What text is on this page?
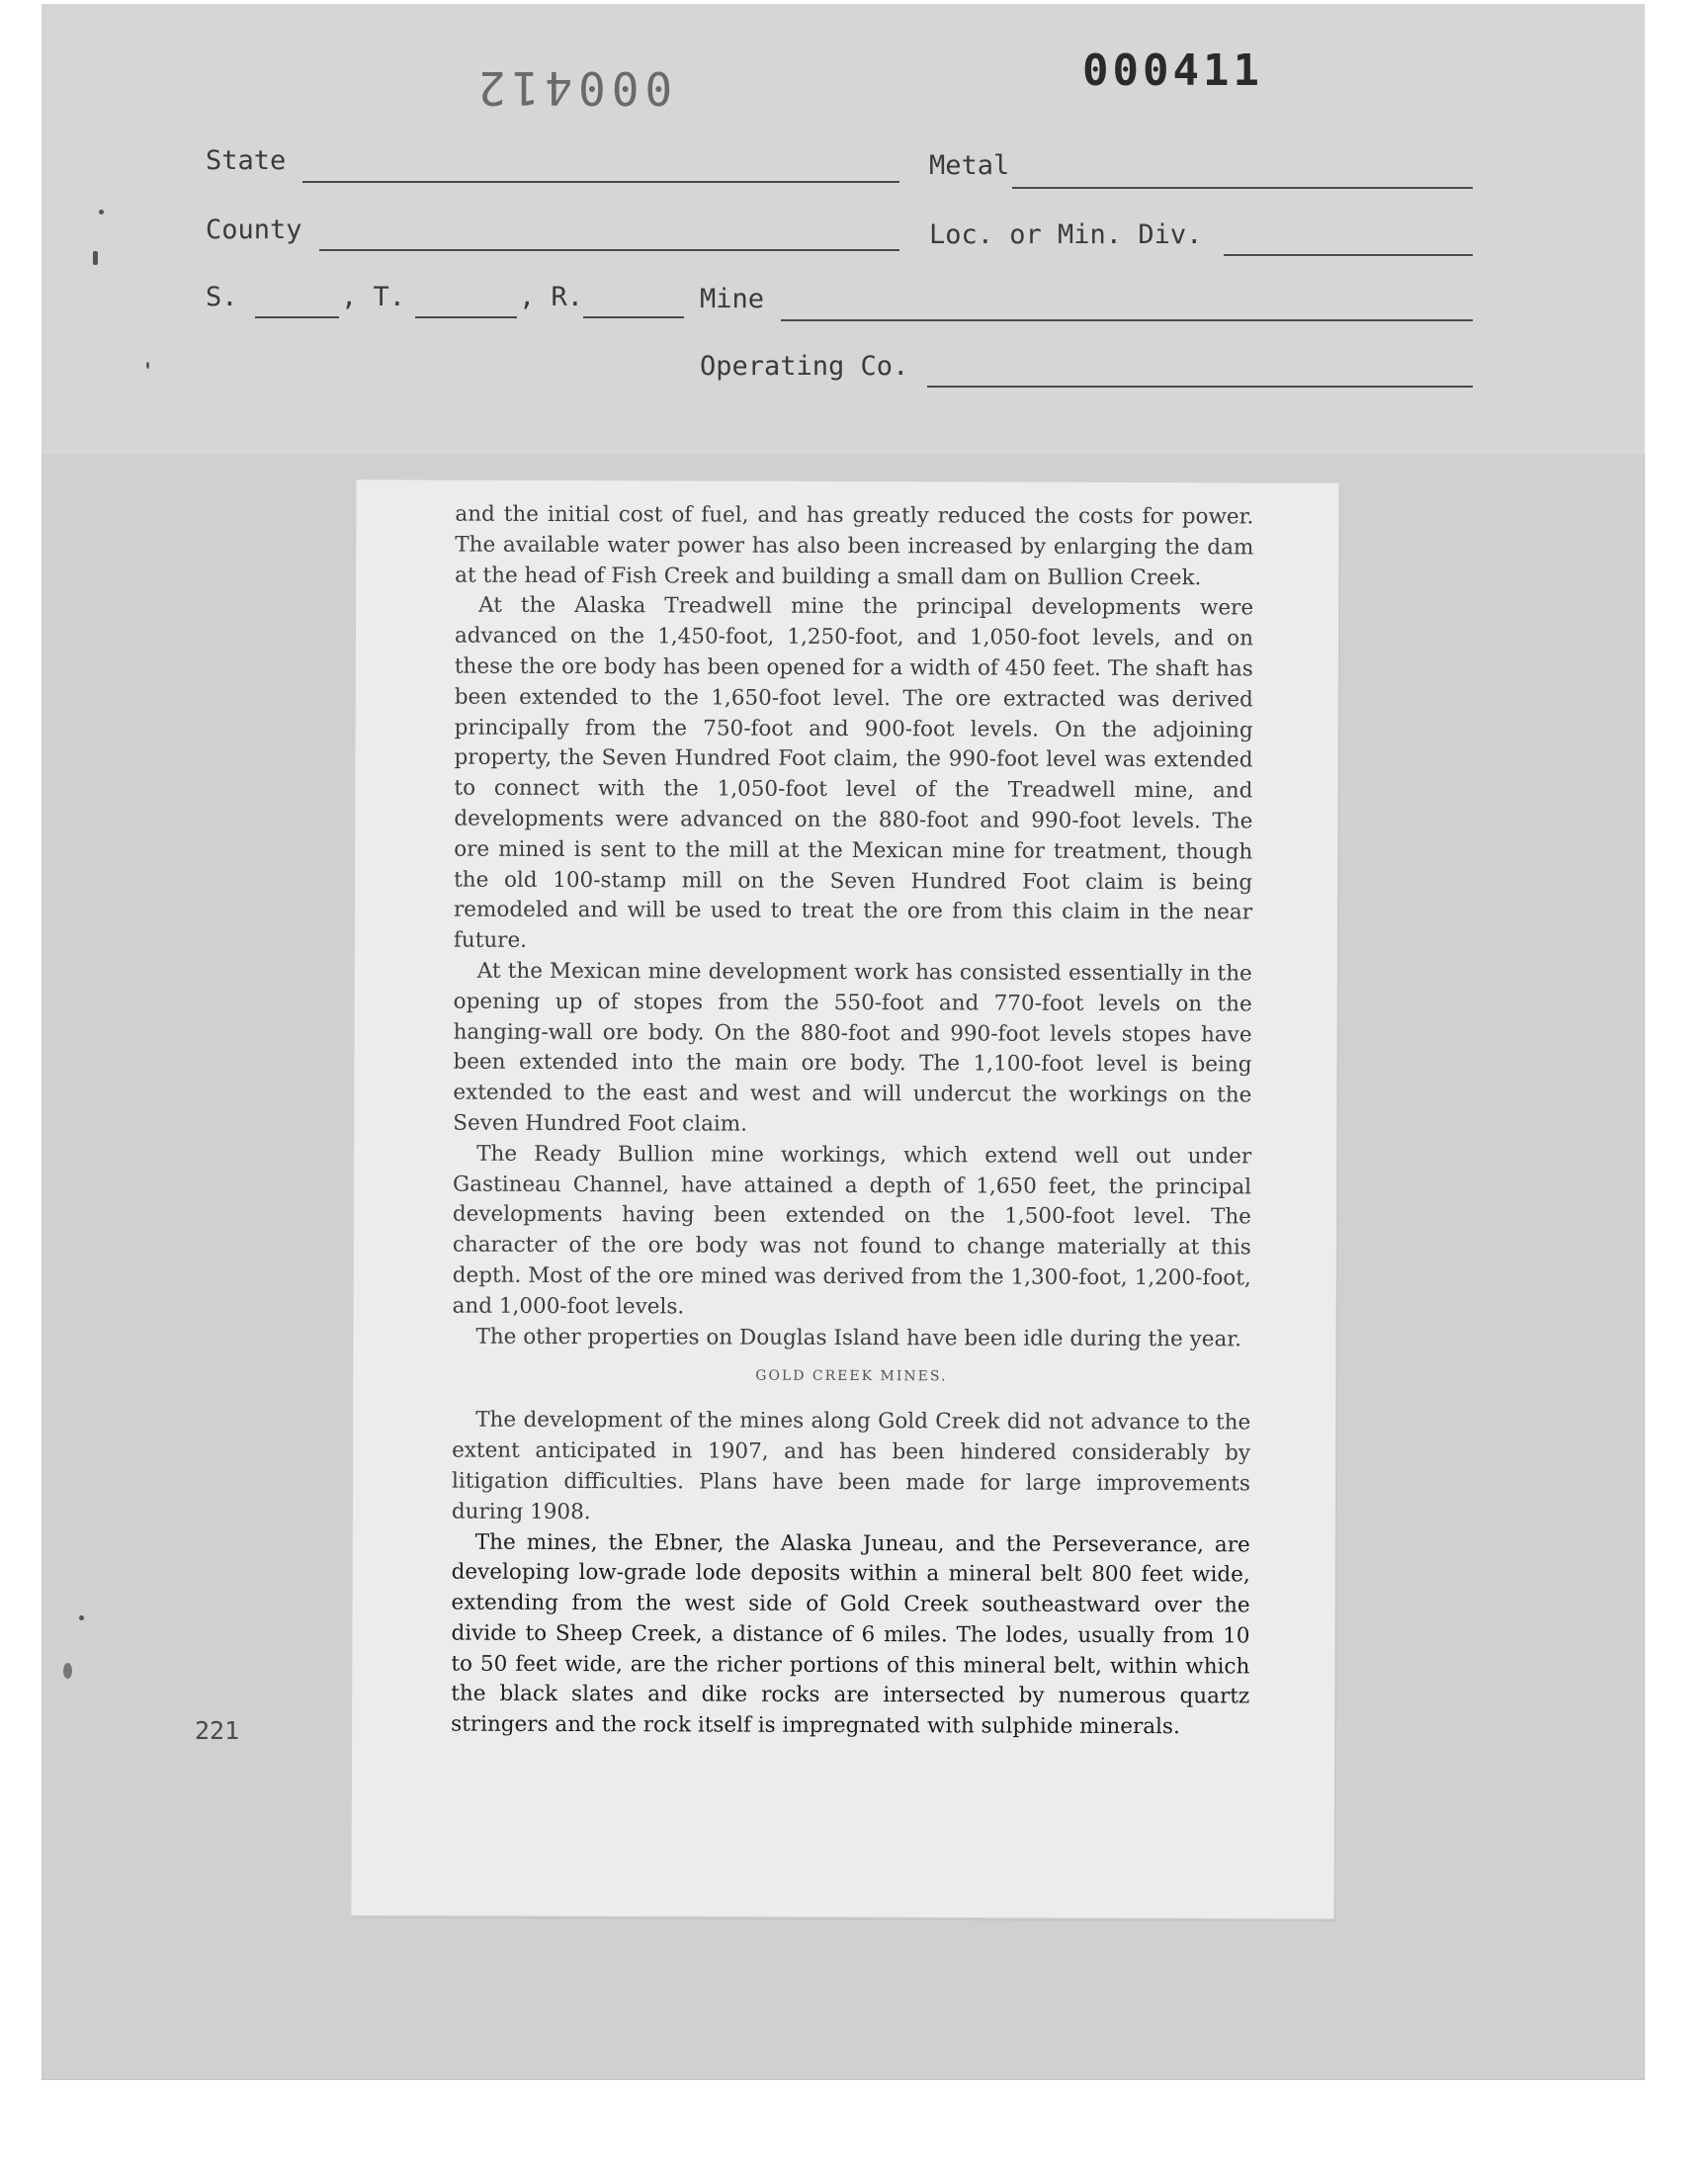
000412	000411
State	Metal
County	Loc. or Min. Div.
S.	, T.	, R.	Mine
Operating Co.

and the initial cost of fuel, and has greatly reduced the costs for power. The available water power has also been increased by enlarging the dam at the head of Fish Creek and building a small dam on Bullion Creek.

At the Alaska Treadwell mine the principal developments were advanced on the 1,450-foot, 1,250-foot, and 1,050-foot levels, and on these the ore body has been opened for a width of 450 feet. The shaft has been extended to the 1,650-foot level. The ore extracted was derived principally from the 750-foot and 900-foot levels. On the adjoining property, the Seven Hundred Foot claim, the 990-foot level was extended to connect with the 1,050-foot level of the Treadwell mine, and developments were advanced on the 880-foot and 990-foot levels. The ore mined is sent to the mill at the Mexican mine for treatment, though the old 100-stamp mill on the Seven Hundred Foot claim is being remodeled and will be used to treat the ore from this claim in the near future.

At the Mexican mine development work has consisted essentially in the opening up of stopes from the 550-foot and 770-foot levels on the hanging-wall ore body. On the 880-foot and 990-foot levels stopes have been extended into the main ore body. The 1,100-foot level is being extended to the east and west and will undercut the workings on the Seven Hundred Foot claim.

The Ready Bullion mine workings, which extend well out under Gastineau Channel, have attained a depth of 1,650 feet, the principal developments having been extended on the 1,500-foot level. The character of the ore body was not found to change materially at this depth. Most of the ore mined was derived from the 1,300-foot, 1,200-foot, and 1,000-foot levels.

The other properties on Douglas Island have been idle during the year.

GOLD CREEK MINES.

The development of the mines along Gold Creek did not advance to the extent anticipated in 1907, and has been hindered considerably by litigation difficulties. Plans have been made for large improvements during 1908.

The mines, the Ebner, the Alaska Juneau, and the Perseverance, are developing low-grade lode deposits within a mineral belt 800 feet wide, extending from the west side of Gold Creek southeastward over the divide to Sheep Creek, a distance of 6 miles. The lodes, usually from 10 to 50 feet wide, are the richer portions of this mineral belt, within which the black slates and dike rocks are intersected by numerous quartz stringers and the rock itself is impregnated with sulphide minerals.

221
